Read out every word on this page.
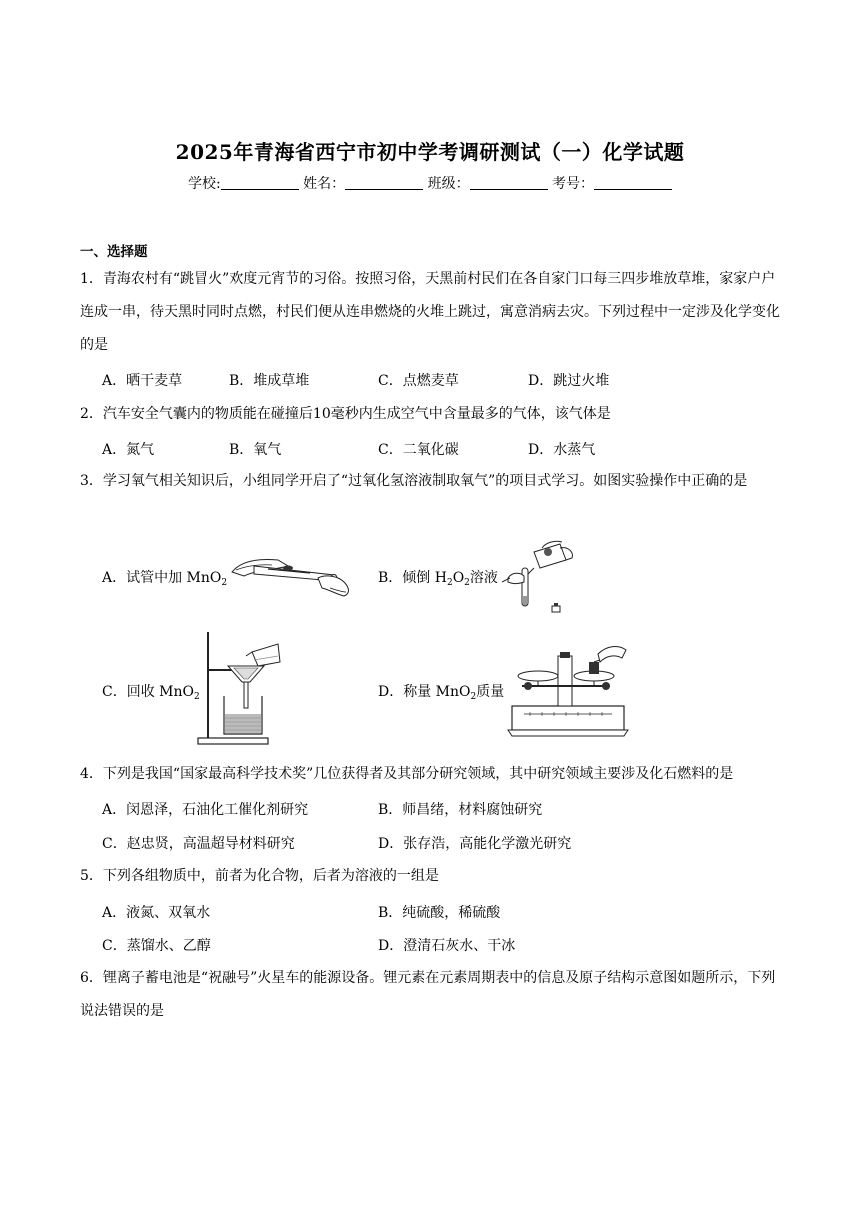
2025年青海省西宁市初中学考调研测试（一）化学试题
学校:	姓名：	班级：	考号：
一、选择题
1．青海农村有“跳冒火”欢度元宵节的习俗。按照习俗，天黑前村民们在各自家门口每三四步堆放草堆，家家户户连成一串，待天黑时同时点燃，村民们便从连串燃烧的火堆上跳过，寓意消病去灾。下列过程中一定涉及化学变化的是
A．晒干麦草	B．堆成草堆	C．点燃麦草	D．跳过火堆
2．汽车安全气囊内的物质能在碰撞后10毫秒内生成空气中含量最多的气体，该气体是
A．氮气	B．氧气	C．二氧化碳	D．水蒸气
3．学习氧气相关知识后，小组同学开启了“过氧化氢溶液制取氧气”的项目式学习。如图实验操作中正确的是
A．试管中加 MnO$_2$	B．倾倒 $H_2O_2$溶液
C．回收 MnO$_2$	D．称量 MnO$_2$质量
4．下列是我国“国家最高科学技术奖”几位获得者及其部分研究领域，其中研究领域主要涉及化石燃料的是
A．闵恩泽，石油化工催化剂研究	B．师昌绪，材料腐蚀研究
C．赵忠贤，高温超导材料研究	D．张存浩，高能化学激光研究
5．下列各组物质中，前者为化合物，后者为溶液的一组是
A．液氮、双氧水	B．纯硫酸，稀硫酸
C．蒸馏水、乙醇	D．澄清石灰水、干冰
6．锂离子蓄电池是“祝融号”火星车的能源设备。锂元素在元素周期表中的信息及原子结构示意图如题所示，下列说法错误的是
